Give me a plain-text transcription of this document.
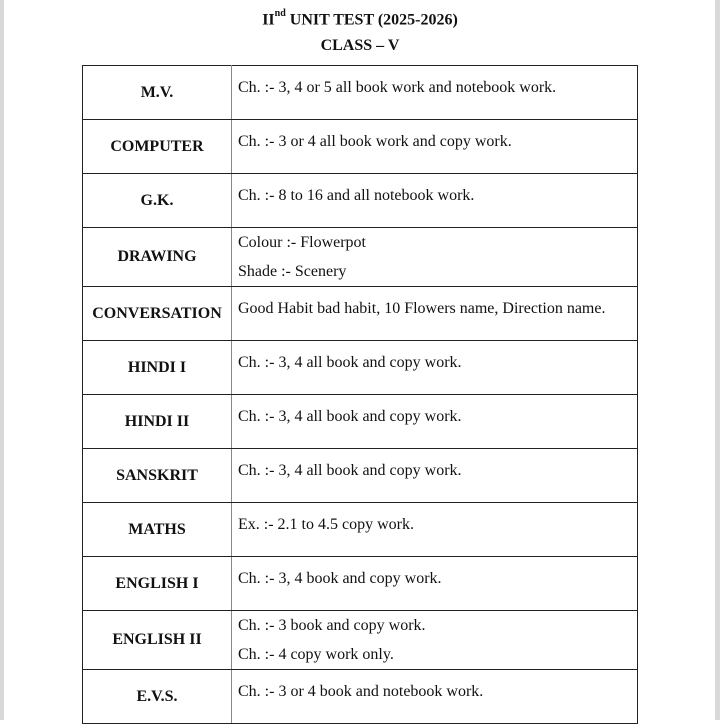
IInd UNIT TEST (2025-2026)
CLASS – V
M.V.	Ch. :- 3, 4 or 5 all book work and notebook work.

COMPUTER	Ch. :- 3 or 4 all book work and copy work.

G.K.	Ch. :- 8 to 16 and all notebook work.

DRAWING	Colour :- Flowerpot
Shade :- Scenery

CONVERSATION	Good Habit bad habit, 10 Flowers name, Direction name.

HINDI I	Ch. :- 3, 4 all book and copy work.

HINDI II	Ch. :- 3, 4 all book and copy work.

SANSKRIT	Ch. :- 3, 4 all book and copy work.

MATHS	Ex. :- 2.1 to 4.5 copy work.

ENGLISH I	Ch. :- 3, 4 book and copy work.

ENGLISH II	Ch. :- 3 book and copy work.
Ch. :- 4 copy work only.

E.V.S.	Ch. :- 3 or 4 book and notebook work.
